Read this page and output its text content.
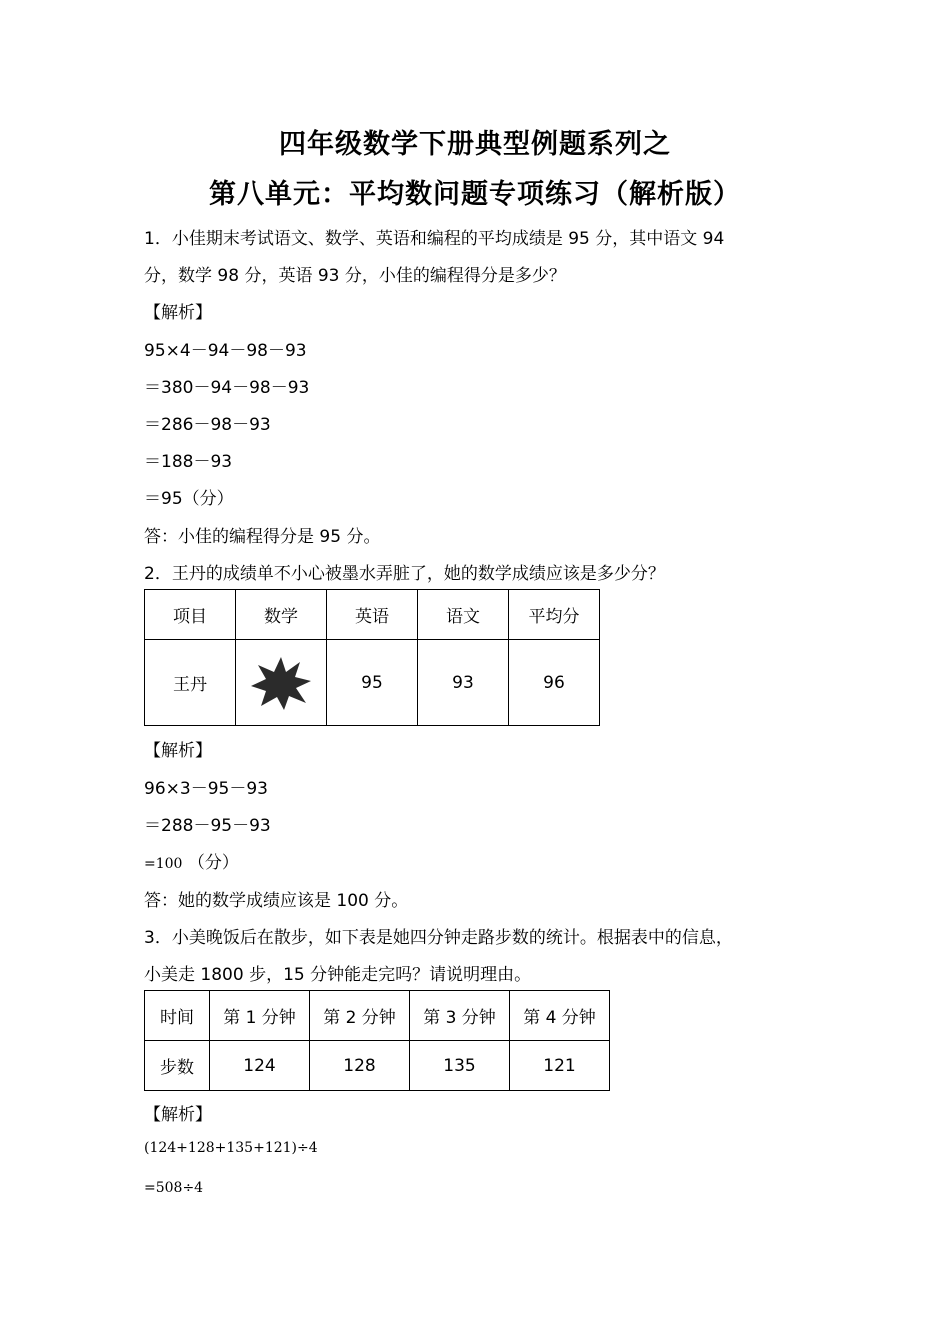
四年级数学下册典型例题系列之
第八单元：平均数问题专项练习（解析版）
1．小佳期末考试语文、数学、英语和编程的平均成绩是 95 分，其中语文 94
分，数学 98 分，英语 93 分，小佳的编程得分是多少？
【解析】
95×4－94－98－93
＝380－94－98－93
＝286－98－93
＝188－93
＝95（分）
答：小佳的编程得分是 95 分。
2．王丹的成绩单不小心被墨水弄脏了，她的数学成绩应该是多少分？
项目	数学	英语	语文	平均分
王丹		95	93	96
【解析】
96×3－95－93
＝288－95－93
=100 （分）
答：她的数学成绩应该是 100 分。
3．小美晚饭后在散步，如下表是她四分钟走路步数的统计。根据表中的信息，
小美走 1800 步，15 分钟能走完吗？请说明理由。
时间	第 1 分钟	第 2 分钟	第 3 分钟	第 4 分钟
步数	124	128	135	121
【解析】
(124+128+135+121)÷4
=508÷4
